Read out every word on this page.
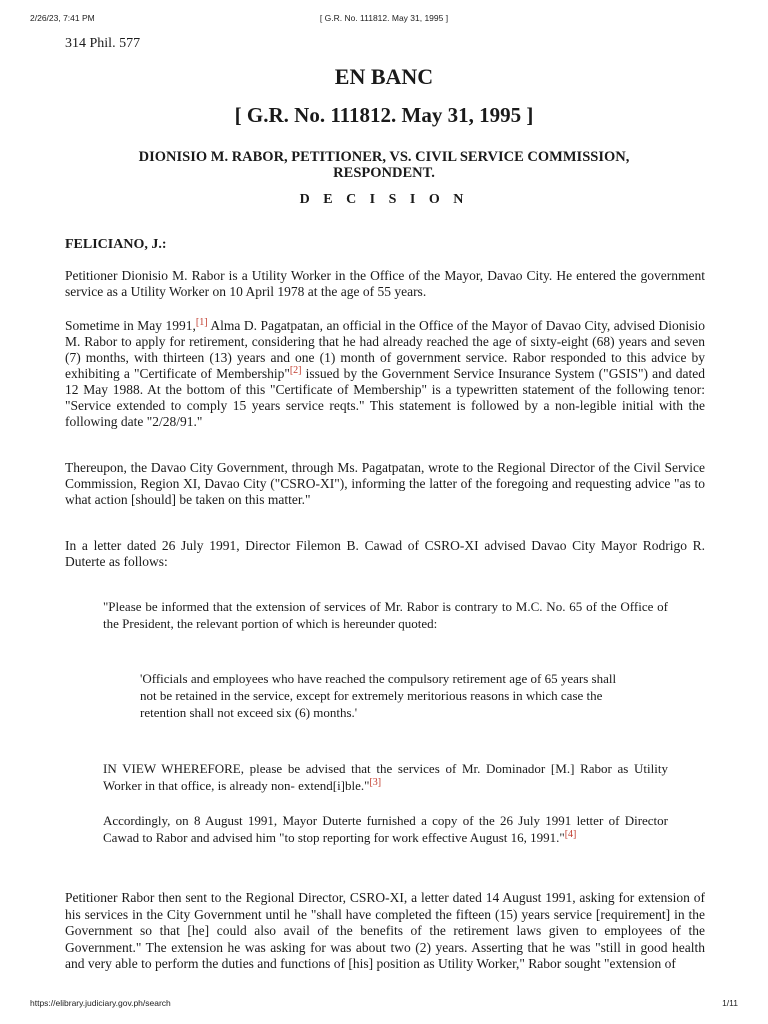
2/26/23, 7:41 PM	[ G.R. No. 111812. May 31, 1995 ]
314 Phil. 577
EN BANC
[ G.R. No. 111812. May 31, 1995 ]
DIONISIO M. RABOR, PETITIONER, VS. CIVIL SERVICE COMMISSION, RESPONDENT.
D E C I S I O N
FELICIANO, J.:
Petitioner Dionisio M. Rabor is a Utility Worker in the Office of the Mayor, Davao City. He entered the government service as a Utility Worker on 10 April 1978 at the age of 55 years.
Sometime in May 1991,[1] Alma D. Pagatpatan, an official in the Office of the Mayor of Davao City, advised Dionisio M. Rabor to apply for retirement, considering that he had already reached the age of sixty-eight (68) years and seven (7) months, with thirteen (13) years and one (1) month of government service. Rabor responded to this advice by exhibiting a "Certificate of Membership"[2] issued by the Government Service Insurance System ("GSIS") and dated 12 May 1988. At the bottom of this "Certificate of Membership" is a typewritten statement of the following tenor: "Service extended to comply 15 years service reqts." This statement is followed by a non-legible initial with the following date "2/28/91."
Thereupon, the Davao City Government, through Ms. Pagatpatan, wrote to the Regional Director of the Civil Service Commission, Region XI, Davao City ("CSRO-XI"), informing the latter of the foregoing and requesting advice "as to what action [should] be taken on this matter."
In a letter dated 26 July 1991, Director Filemon B. Cawad of CSRO-XI advised Davao City Mayor Rodrigo R. Duterte as follows:
"Please be informed that the extension of services of Mr. Rabor is contrary to M.C. No. 65 of the Office of the President, the relevant portion of which is hereunder quoted:
'Officials and employees who have reached the compulsory retirement age of 65 years shall not be retained in the service, except for extremely meritorious reasons in which case the retention shall not exceed six (6) months.'
IN VIEW WHEREFORE, please be advised that the services of Mr. Dominador [M.] Rabor as Utility Worker in that office, is already non- extend[i]ble."[3]
Accordingly, on 8 August 1991, Mayor Duterte furnished a copy of the 26 July 1991 letter of Director Cawad to Rabor and advised him "to stop reporting for work effective August 16, 1991."[4]
Petitioner Rabor then sent to the Regional Director, CSRO-XI, a letter dated 14 August 1991, asking for extension of his services in the City Government until he "shall have completed the fifteen (15) years service [requirement] in the Government so that [he] could also avail of the benefits of the retirement laws given to employees of the Government." The extension he was asking for was about two (2) years. Asserting that he was "still in good health and very able to perform the duties and functions of [his] position as Utility Worker," Rabor sought "extension of
https://elibrary.judiciary.gov.ph/search	1/11
